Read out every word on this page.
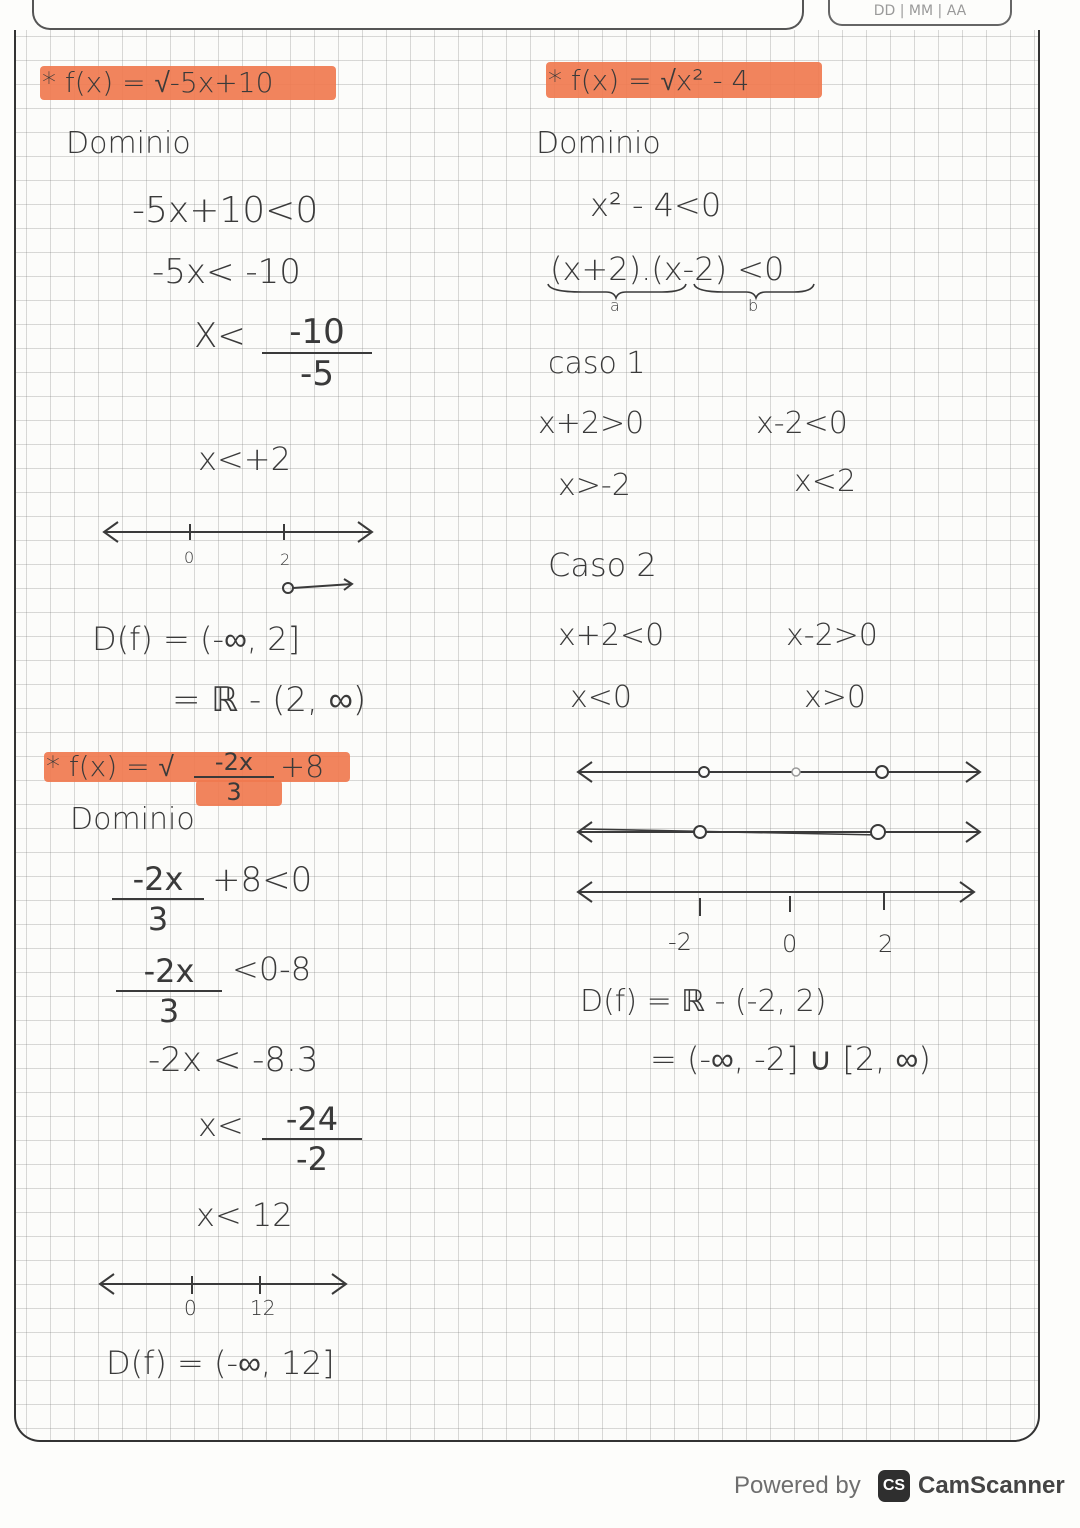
DD | MM | AA
* f(x) = √-5x+10
Dominio
-5x+10<0
-5x< -10
$X< \frac{-10}{-5}$
x<+2
0	2
D(f) = (-∞, 2]
= ℝ - (2, ∞)
* f(x) = √ $\frac{-2x}{3} +8$
Dominio
$\frac{-2x}{3} +8<0$
$\frac{-2x}{3} <0-8$
-2x < -8.3
$x< \frac{-24}{-2}$
x< 12
0	12
D(f) = (-∞, 12]
* f(x) = √x² - 4
Dominio
x² - 4<0
(x+2).(x-2) <0
a	b
caso 1
x+2>0	x-2<0
x>-2	x<2
Caso 2
x+2<0	x-2>0
x<0	x>0
-2	0	2
D(f) = ℝ - (-2, 2)
= (-∞, -2] ∪ [2, ∞)
Powered by	CS CamScanner
